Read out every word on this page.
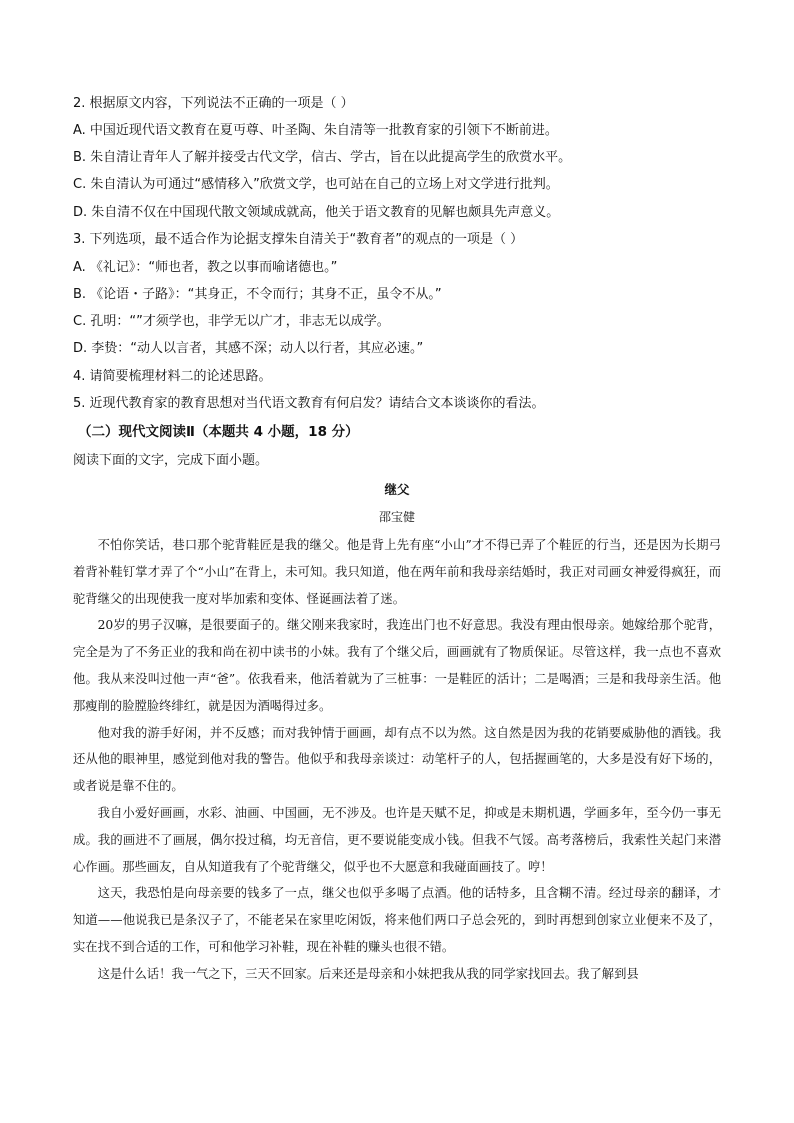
2. 根据原文内容，下列说法不正确的一项是（ ）
A. 中国近现代语文教育在夏丏尊、叶圣陶、朱自清等一批教育家的引领下不断前进。
B. 朱自清让青年人了解并接受古代文学，信古、学古，旨在以此提高学生的欣赏水平。
C. 朱自清认为可通过“感情移入”欣赏文学，也可站在自己的立场上对文学进行批判。
D. 朱自清不仅在中国现代散文领域成就高，他关于语文教育的见解也颇具先声意义。
3. 下列选项，最不适合作为论据支撑朱自清关于“教育者”的观点的一项是（ ）
A. 《礼记》：“师也者，教之以事而喻诸德也。”
B. 《论语・子路》：“其身正，不令而行；其身不正，虽令不从。”
C. 孔明：“”才须学也，非学无以广才，非志无以成学。
D. 李贽：“动人以言者，其感不深；动人以行者，其应必速。”
4. 请简要梳理材料二的论述思路。
5. 近现代教育家的教育思想对当代语文教育有何启发？请结合文本谈谈你的看法。
（二）现代文阅读Ⅱ（本题共 4 小题，18 分）
阅读下面的文字，完成下面小题。
继父
邵宝健

不怕你笑话，巷口那个驼背鞋匠是我的继父。他是背上先有座“小山”才不得已弄了个鞋匠的行当，还是因为长期弓着背补鞋钉掌才弄了个“小山”在背上，未可知。我只知道，他在两年前和我母亲结婚时，我正对司画女神爱得疯狂，而驼背继父的出现使我一度对毕加索和变体、怪诞画法着了迷。

20岁的男子汉嘛，是很要面子的。继父刚来我家时，我连出门也不好意思。我没有理由恨母亲。她嫁给那个驼背，完全是为了不务正业的我和尚在初中读书的小妹。我有了个继父后，画画就有了物质保证。尽管这样，我一点也不喜欢他。我从来没叫过他一声“爸”。依我看来，他活着就为了三桩事：一是鞋匠的活计；二是喝酒；三是和我母亲生活。他那瘦削的脸膛脸终绯红，就是因为酒喝得过多。

他对我的游手好闲，并不反感；而对我钟情于画画，却有点不以为然。这自然是因为我的花销要威胁他的酒钱。我还从他的眼神里，感觉到他对我的警告。他似乎和我母亲谈过：动笔杆子的人，包括握画笔的，大多是没有好下场的，或者说是靠不住的。

我自小爱好画画，水彩、油画、中国画，无不涉及。也许是天赋不足，抑或是未期机遇，学画多年，至今仍一事无成。我的画进不了画展，偶尔投过稿，均无音信，更不要说能变成小钱。但我不气馁。高考落榜后，我索性关起门来潜心作画。那些画友，自从知道我有了个驼背继父，似乎也不大愿意和我碰面画技了。哼！

这天，我恐怕是向母亲要的钱多了一点，继父也似乎多喝了点酒。他的话特多，且含糊不清。经过母亲的翻译，才知道——他说我已是条汉子了，不能老呆在家里吃闲饭，将来他们两口子总会死的，到时再想到创家立业便来不及了，实在找不到合适的工作，可和他学习补鞋，现在补鞋的赚头也很不错。

这是什么话！我一气之下，三天不回家。后来还是母亲和小妹把我从我的同学家找回去。我了解到县
